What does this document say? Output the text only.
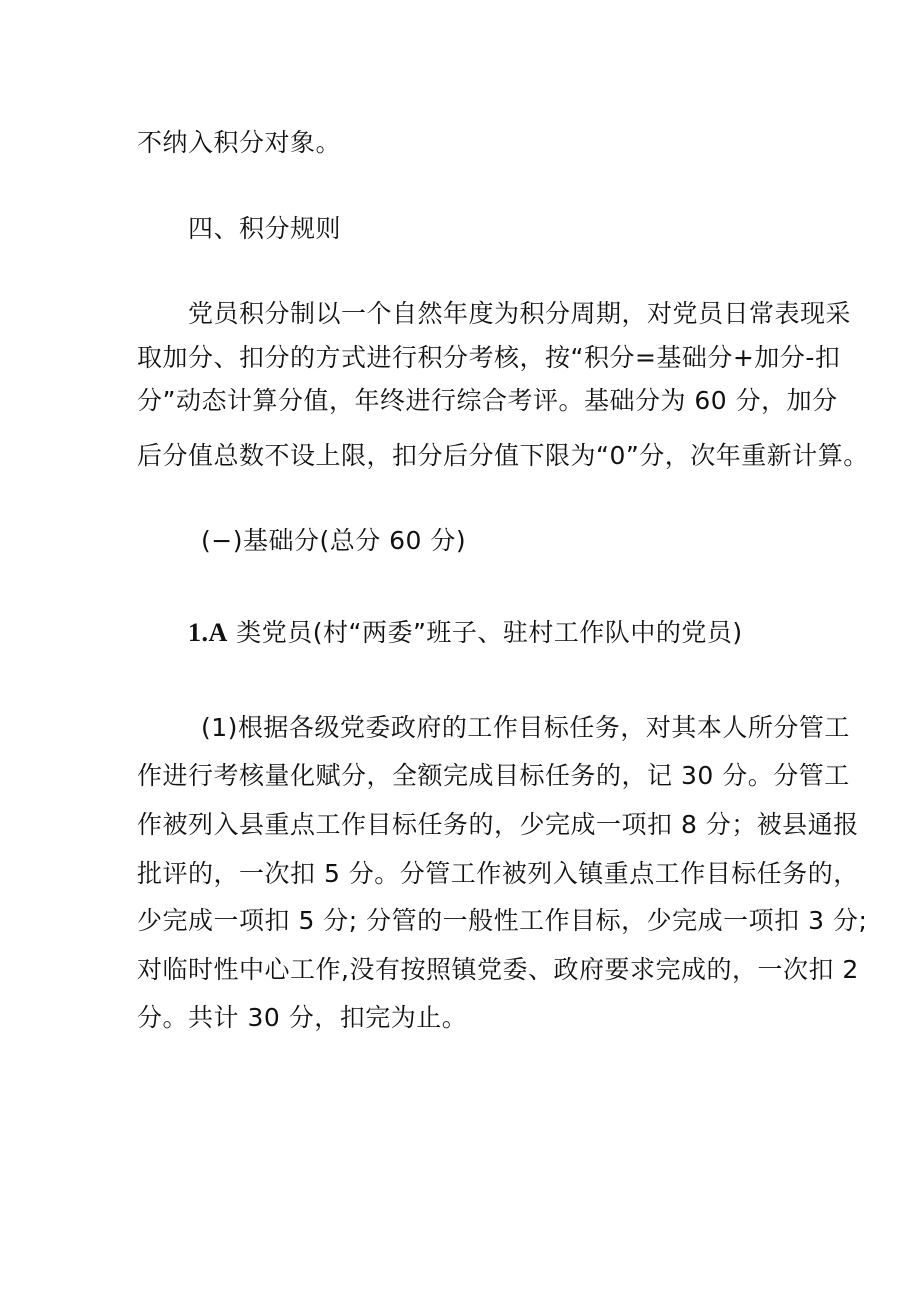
不纳入积分对象。
四、积分规则
党员积分制以一个自然年度为积分周期，对党员日常表现采
取加分、扣分的方式进行积分考核，按“积分=基础分+加分-扣
分”动态计算分值，年终进行综合考评。基础分为 60 分，加分
后分值总数不设上限，扣分后分值下限为“0”分，次年重新计算。
(−)基础分(总分 60 分)
1.A 类党员(村“两委”班子、驻村工作队中的党员)
(1)根据各级党委政府的工作目标任务，对其本人所分管工
作进行考核量化赋分，全额完成目标任务的，记 30 分。分管工
作被列入县重点工作目标任务的，少完成一项扣 8 分；被县通报
批评的，一次扣 5 分。分管工作被列入镇重点工作目标任务的，
少完成一项扣 5 分; 分管的一般性工作目标，少完成一项扣 3 分;
对临时性中心工作,没有按照镇党委、政府要求完成的，一次扣 2
分。共计 30 分，扣完为止。
